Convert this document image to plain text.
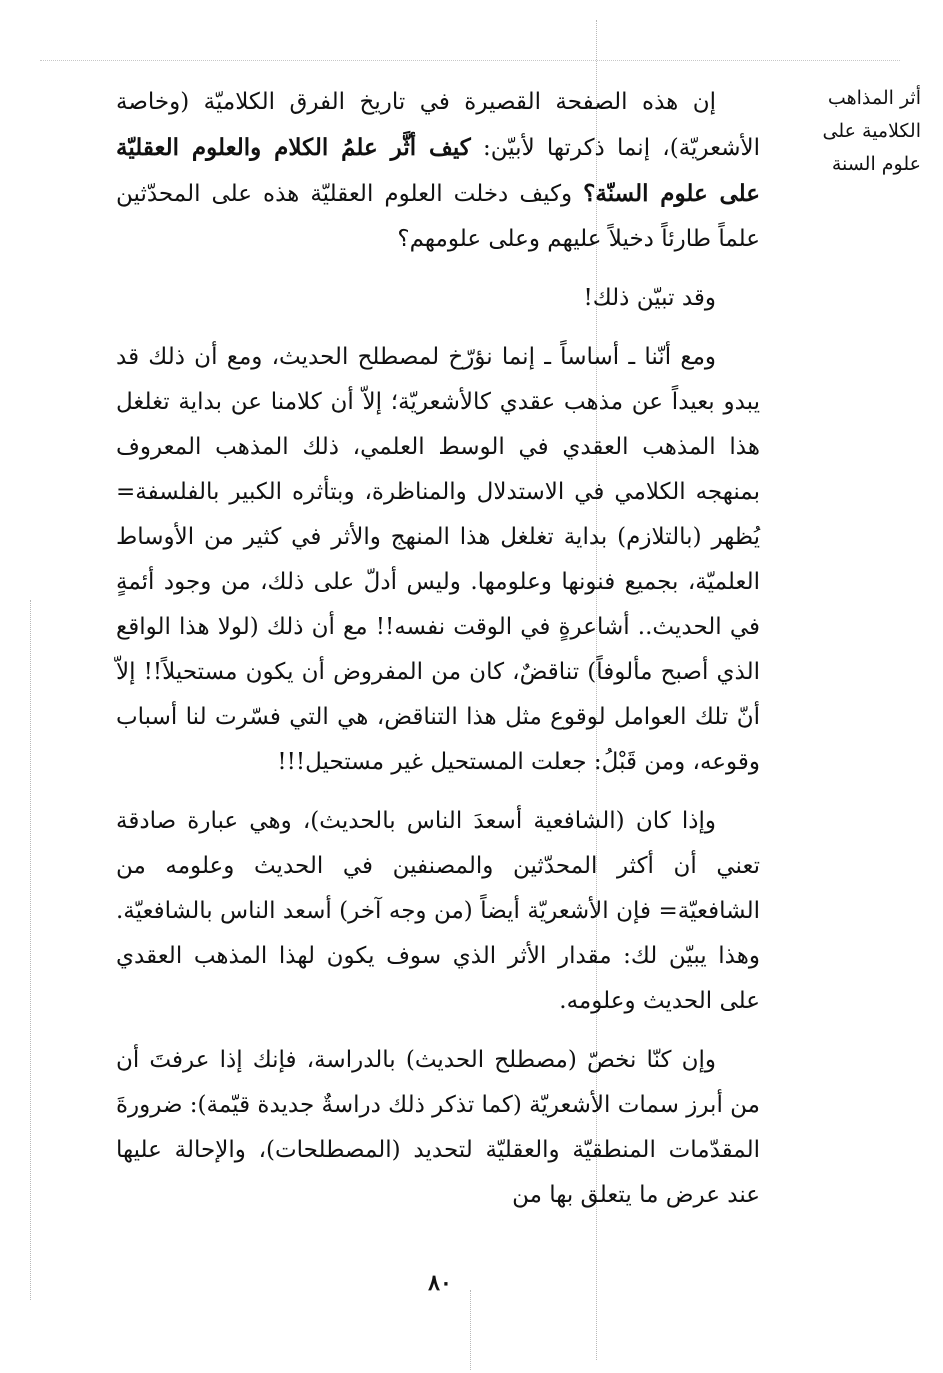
أثر المذاهب
الكلامية على
علوم السنة

إن هذه الصفحة القصيرة في تاريخ الفرق الكلاميّة (وخاصة الأشعريّة)، إنما ذكرتها لأبيّن: كيف أثَّر علمُ الكلام والعلوم العقليّة على علوم السنّة؟ وكيف دخلت العلوم العقليّة هذه على المحدّثين علماً طارئاً دخيلاً عليهم وعلى علومهم؟

وقد تبيّن ذلك!

ومع أنّنا ـ أساساً ـ إنما نؤرّخ لمصطلح الحديث، ومع أن ذلك قد يبدو بعيداً عن مذهب عقدي كالأشعريّة؛ إلاّ أن كلامنا عن بداية تغلغل هذا المذهب العقدي في الوسط العلمي، ذلك المذهب المعروف بمنهجه الكلامي في الاستدلال والمناظرة، وبتأثره الكبير بالفلسفة= يُظهر (بالتلازم) بداية تغلغل هذا المنهج والأثر في كثير من الأوساط العلميّة، بجميع فنونها وعلومها. وليس أدلّ على ذلك، من وجود أئمةٍ في الحديث.. أشاعرةٍ في الوقت نفسه!! مع أن ذلك (لولا هذا الواقع الذي أصبح مألوفاً) تناقضٌ، كان من المفروض أن يكون مستحيلاً!! إلاّ أنّ تلك العوامل لوقوع مثل هذا التناقض، هي التي فسّرت لنا أسباب وقوعه، ومن قَبْلُ: جعلت المستحيل غير مستحيل!!!

وإذا كان (الشافعية أسعدَ الناس بالحديث)، وهي عبارة صادقة تعني أن أكثر المحدّثين والمصنفين في الحديث وعلومه من الشافعيّة= فإن الأشعريّة أيضاً (من وجه آخر) أسعد الناس بالشافعيّة. وهذا يبيّن لك: مقدار الأثر الذي سوف يكون لهذا المذهب العقدي على الحديث وعلومه.

وإن كنّا نخصّ (مصطلح الحديث) بالدراسة، فإنك إذا عرفتَ أن من أبرز سمات الأشعريّة (كما تذكر ذلك دراسةٌ جديدة قيّمة): ضرورةَ المقدّمات المنطقيّة والعقليّة لتحديد (المصطلحات)، والإحالة عليها عند عرض ما يتعلق بها من

٨٠
